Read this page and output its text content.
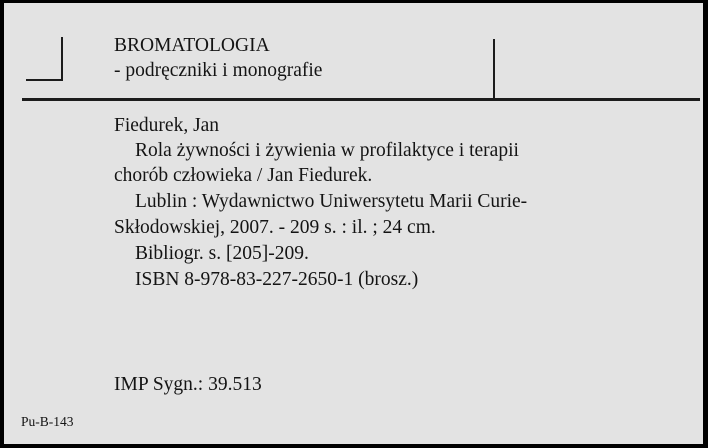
BROMATOLOGIA
- podręczniki i monografie
Fiedurek, Jan
Rola żywności i żywienia w profilaktyce i terapii
chorób człowieka / Jan Fiedurek.
Lublin : Wydawnictwo Uniwersytetu Marii Curie-
Skłodowskiej, 2007. - 209 s. : il. ; 24 cm.
Bibliogr. s. [205]-209.
ISBN 8-978-83-227-2650-1 (brosz.)
IMP Sygn.: 39.513
Pu-B-143
